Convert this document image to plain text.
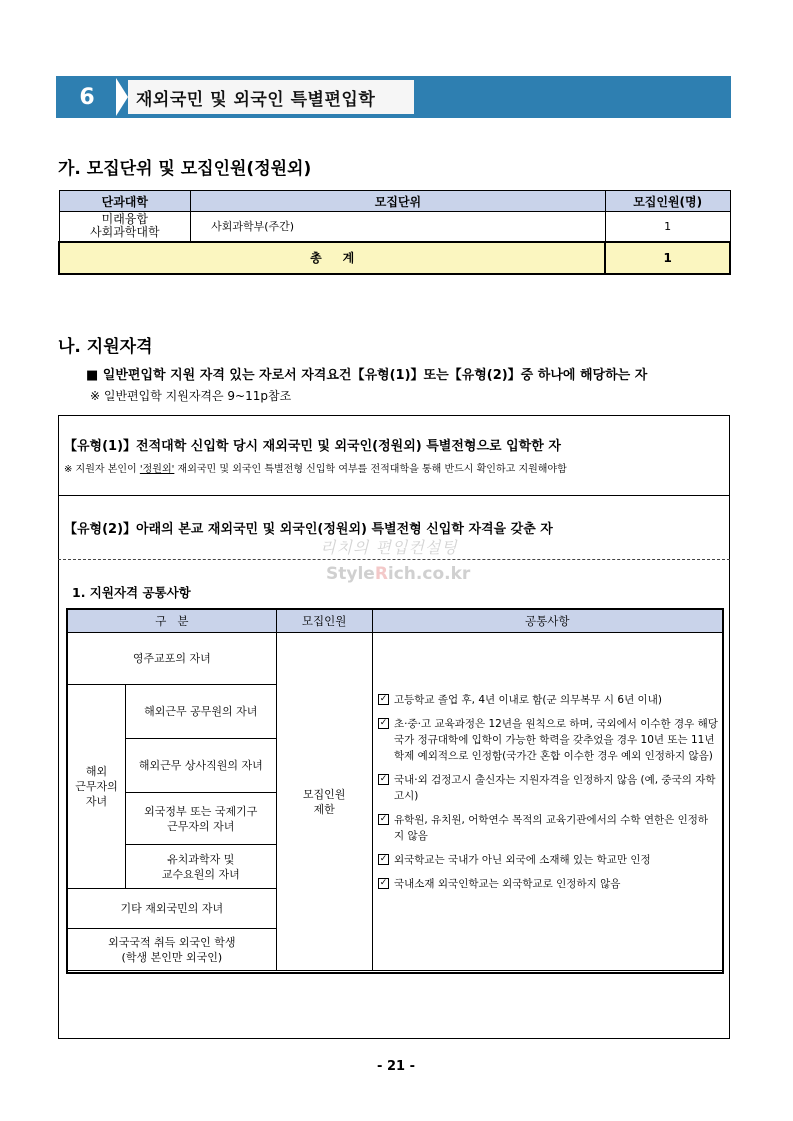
6	재외국민 및 외국인 특별편입학
가. 모집단위 및 모집인원(정원외)
단과대학	모집단위	모집인원(명)
미래융합
사회과학대학	사회과학부(주간)	1
총     계		1
나. 지원자격
■ 일반편입학 지원 자격 있는 자로서 자격요건【유형(1)】또는【유형(2)】중 하나에 해당하는 자
※ 일반편입학 지원자격은 9~11p참조
【유형(1)】전적대학 신입학 당시 재외국민 및 외국인(정원외) 특별전형으로 입학한 자
※ 지원자 본인이 '정원외' 재외국민 및 외국인 특별전형 신입학 여부를 전적대학을 통해 반드시 확인하고 지원해야함
【유형(2)】아래의 본교 재외국민 및 외국인(정원외) 특별전형 신입학 자격을 갖춘 자
리치의 편입컨설팅
StyleRich.co.kr
1. 지원자격 공통사항
구   분		모집인원	공통사항
영주교포의 자녀		모집인원
제한	
해외
근무자의
자녀	해외근무 공무원의 자녀		
	해외근무 상사직원의 자녀		
	외국정부 또는 국제기구
근무자의 자녀		
	유치과학자 및
교수요원의 자녀		
기타 재외국민의 자녀			
외국국적 취득 외국인 학생
(학생 본인만 외국인)			
✓ 고등학교 졸업 후, 4년 이내로 함(군 의무복무 시 6년 이내)
✓ 초·중·고 교육과정은 12년을 원칙으로 하며, 국외에서 이수한 경우 해당 국가 정규대학에 입학이 가능한 학력을 갖추었을 경우 10년 또는 11년 학제 예외적으로 인정함(국가간 혼합 이수한 경우 예외 인정하지 않음)
✓ 국내·외 검정고시 출신자는 지원자격을 인정하지 않음 (예, 중국의 자학고시)
✓ 유학원, 유치원, 어학연수 목적의 교육기관에서의 수학 연한은 인정하지 않음
✓ 외국학교는 국내가 아닌 외국에 소재해 있는 학교만 인정
✓ 국내소재 외국인학교는 외국학교로 인정하지 않음
- 21 -
